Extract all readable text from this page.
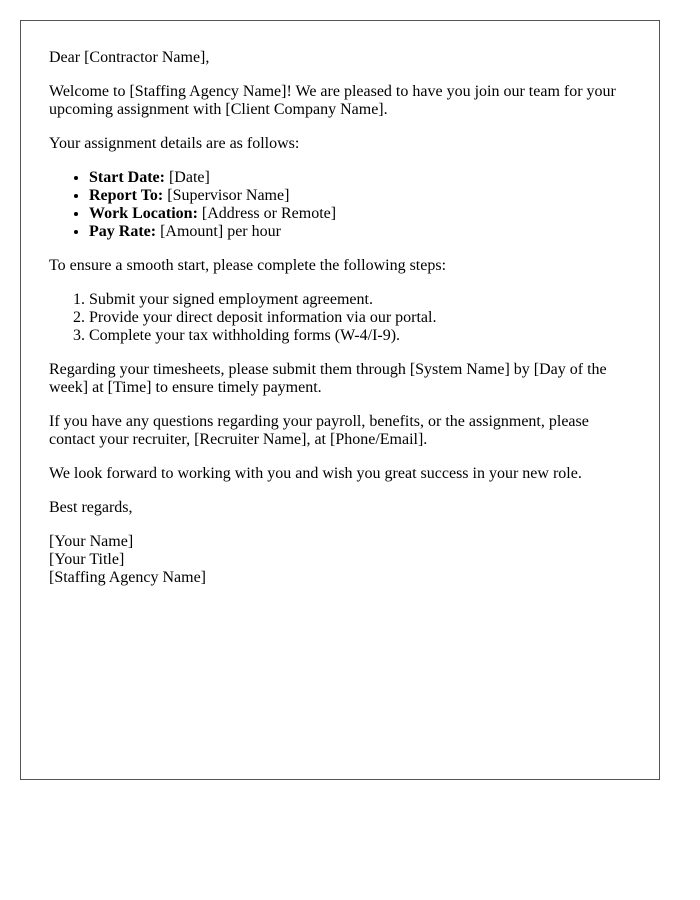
Dear [Contractor Name],

Welcome to [Staffing Agency Name]! We are pleased to have you join our team for your upcoming assignment with [Client Company Name].

Your assignment details are as follows:

• Start Date: [Date]
• Report To: [Supervisor Name]
• Work Location: [Address or Remote]
• Pay Rate: [Amount] per hour

To ensure a smooth start, please complete the following steps:

1. Submit your signed employment agreement.
2. Provide your direct deposit information via our portal.
3. Complete your tax withholding forms (W-4/I-9).

Regarding your timesheets, please submit them through [System Name] by [Day of the week] at [Time] to ensure timely payment.

If you have any questions regarding your payroll, benefits, or the assignment, please contact your recruiter, [Recruiter Name], at [Phone/Email].

We look forward to working with you and wish you great success in your new role.

Best regards,

[Your Name]
[Your Title]
[Staffing Agency Name]
